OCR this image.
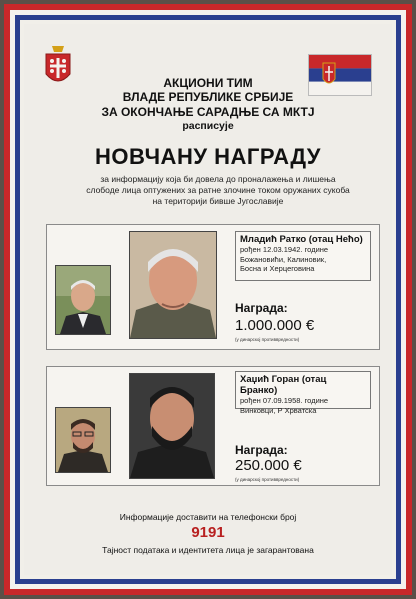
АКЦИОНИ ТИМ
ВЛАДЕ РЕПУБЛИКЕ СРБИЈЕ
ЗА ОКОНЧАЊЕ САРАДЊЕ СА МКТЈ
расписује
НОВЧАНУ НАГРАДУ
за информацију која би довела до проналажења и лишења слободе лица оптужених за ратне злочине током оружаних сукоба на територији бивше Југославије
Младић Ратко (отац Нећо)
рођен 12.03.1942. године
Божановићи, Калиновик,
Босна и Херцеговина
Награда:
1.000.000 €
(у динарској противвредности)
Хаџић Горан (отац Бранко)
рођен 07.09.1958. године
Винковци, Р Хрватска
Награда:
250.000 €
(у динарској противвредности)
Информације доставити на телефонски број
9191
Тајност података и идентитета лица је загарантована
